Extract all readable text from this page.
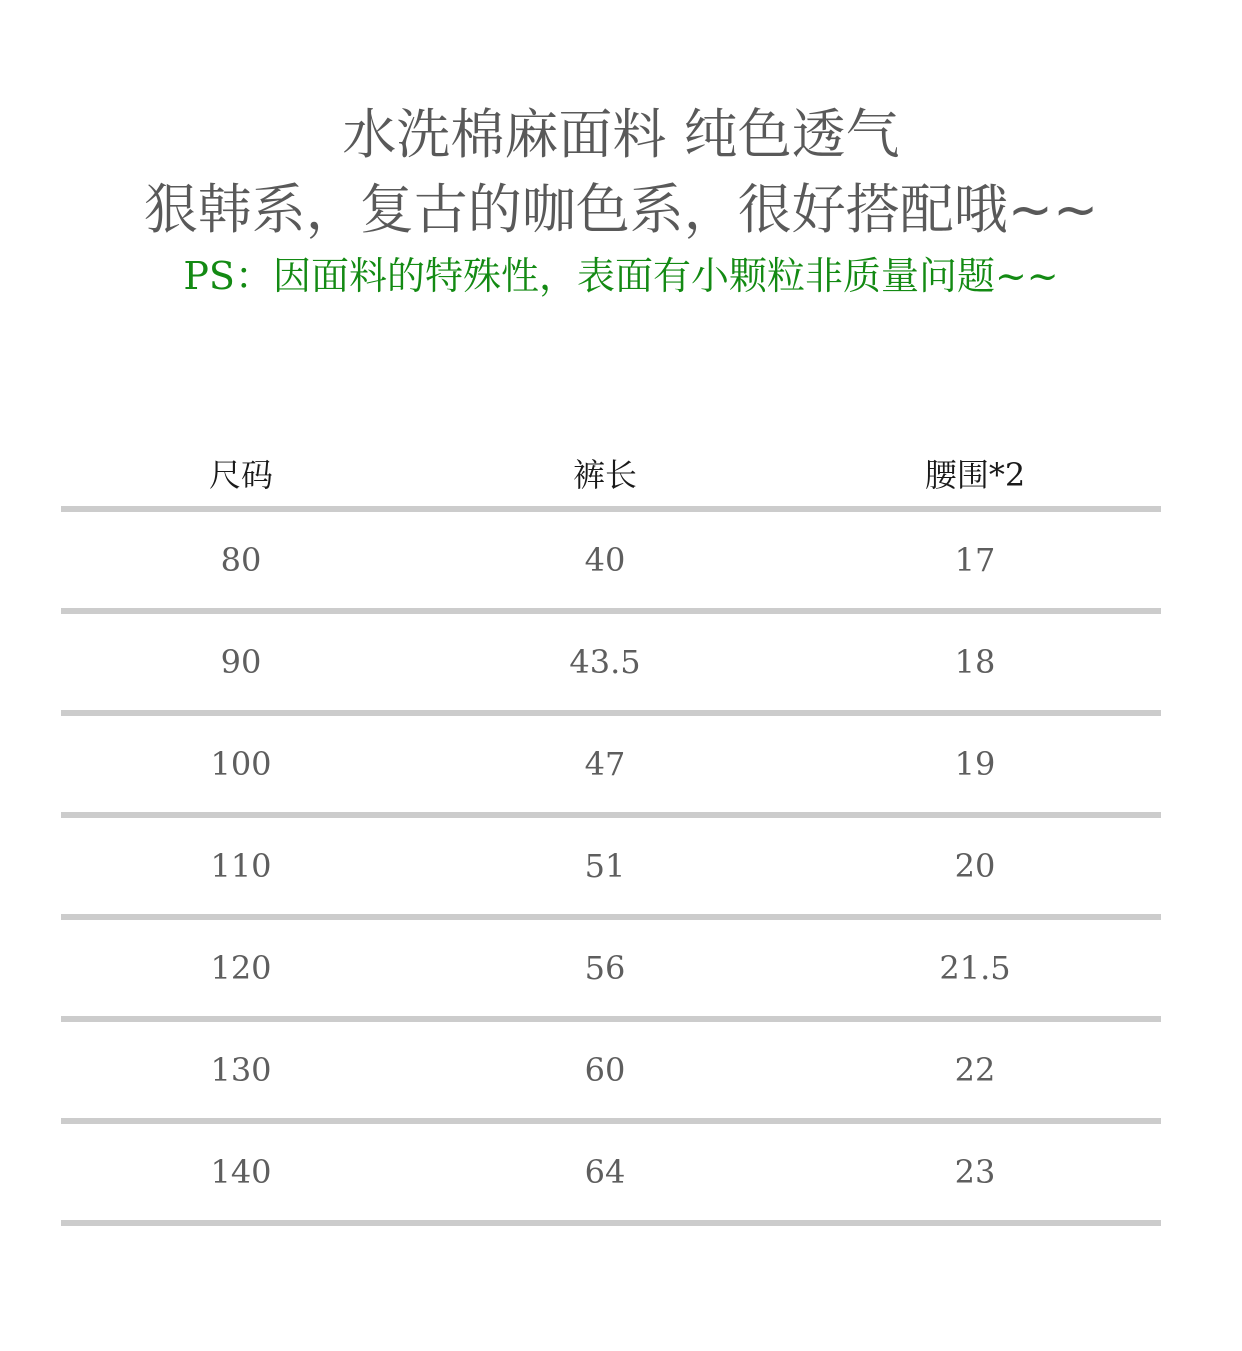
水洗棉麻面料 纯色透气
狠韩系，复古的咖色系，很好搭配哦~~
PS：因面料的特殊性，表面有小颗粒非质量问题~~
尺码	裤长	腰围*2
80	40	17
90	43.5	18
100	47	19
110	51	20
120	56	21.5
130	60	22
140	64	23
